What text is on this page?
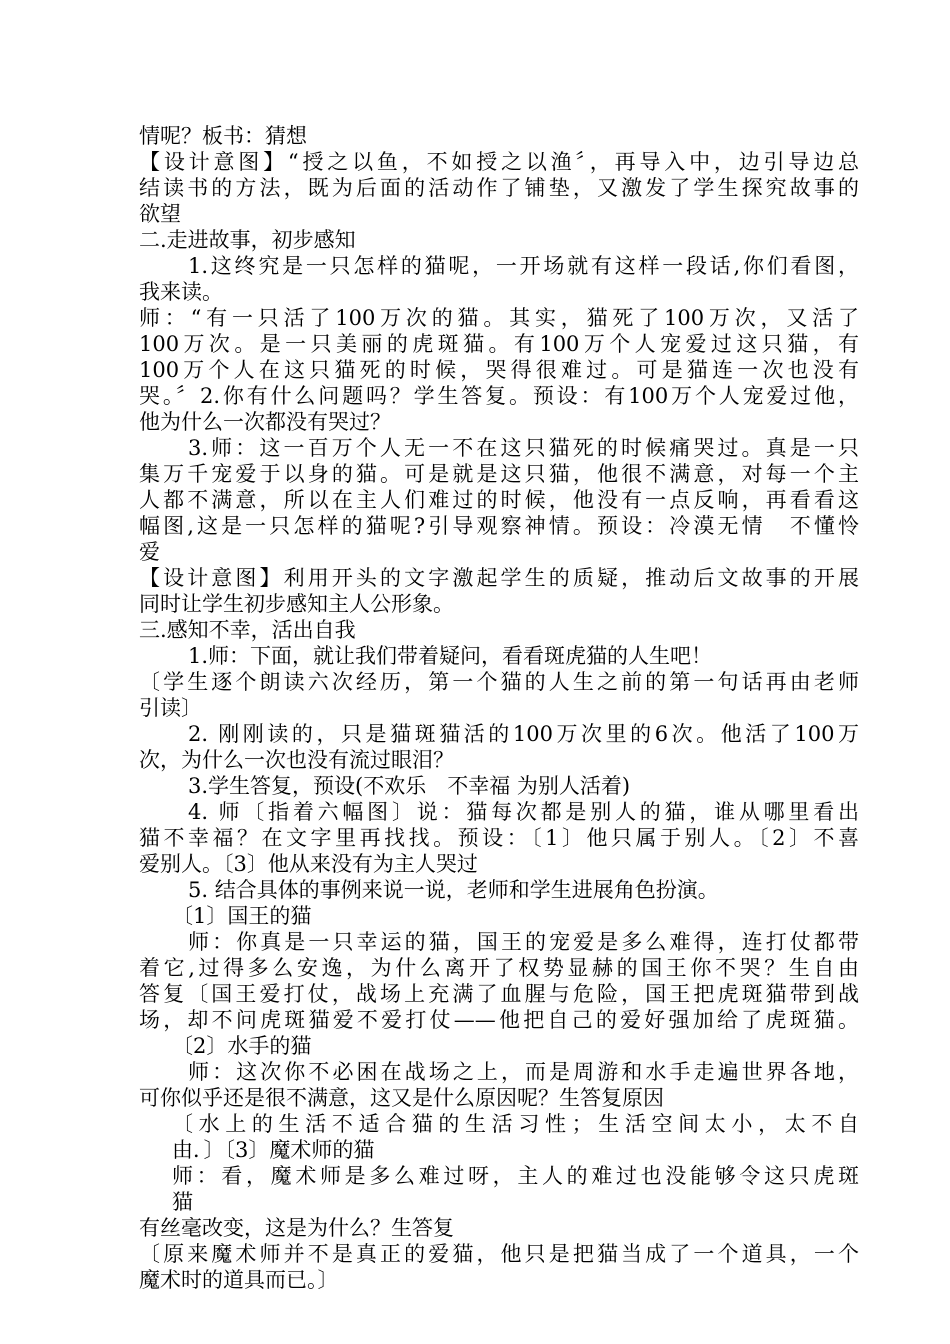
情呢？板书：猜想
【设计意图】“授之以鱼，不如授之以渔〞，再导入中，边引导边总
结读书的方法，既为后面的活动作了铺垫，又激发了学生探究故事的
欲望
二.走进故事，初步感知
1.这终究是一只怎样的猫呢，一开场就有这样一段话,你们看图，
我来读。
师：“有一只活了100万次的猫。其实，猫死了100万次，又活了
100万次。是一只美丽的虎斑猫。有100万个人宠爱过这只猫，有
100万个人在这只猫死的时候，哭得很难过。可是猫连一次也没有
哭。〞2.你有什么问题吗？学生答复。预设：有100万个人宠爱过他，
他为什么一次都没有哭过？
3.师：这一百万个人无一不在这只猫死的时候痛哭过。真是一只
集万千宠爱于以身的猫。可是就是这只猫，他很不满意，对每一个主
人都不满意，所以在主人们难过的时候，他没有一点反响，再看看这
幅图,这是一只怎样的猫呢?引导观察神情。预设：冷漠无情　不懂怜
爱
【设计意图】利用开头的文字激起学生的质疑，推动后文故事的开展
同时让学生初步感知主人公形象。
三.感知不幸，活出自我
1.师：下面，就让我们带着疑问，看看斑虎猫的人生吧！
〔学生逐个朗读六次经历，第一个猫的人生之前的第一句话再由老师
引读〕
2. 刚刚读的，只是猫斑猫活的100万次里的6次。他活了100万
次，为什么一次也没有流过眼泪？
3.学生答复，预设(不欢乐　不幸福 为别人活着)
4. 师〔指着六幅图〕说：猫每次都是别人的猫，谁从哪里看出
猫不幸福？在文字里再找找。预设：〔1〕他只属于别人。〔2〕不喜
爱别人。〔3〕他从来没有为主人哭过
5. 结合具体的事例来说一说，老师和学生进展角色扮演。
〔1〕国王的猫
师：你真是一只幸运的猫，国王的宠爱是多么难得，连打仗都带
着它,过得多么安逸，为什么离开了权势显赫的国王你不哭？生自由
答复〔国王爱打仗，战场上充满了血腥与危险，国王把虎斑猫带到战
场，却不问虎斑猫爱不爱打仗——他把自己的爱好强加给了虎斑猫。
〔2〕水手的猫
师：这次你不必困在战场之上，而是周游和水手走遍世界各地，
可你似乎还是很不满意，这又是什么原因呢？生答复原因
〔水上的生活不适合猫的生活习性；生活空间太小，太不自
由．〕〔3〕魔术师的猫
师：看，魔术师是多么难过呀，主人的难过也没能够令这只虎斑
猫
有丝毫改变，这是为什么？生答复
〔原来魔术师并不是真正的爱猫，他只是把猫当成了一个道具，一个
魔术时的道具而已。〕
